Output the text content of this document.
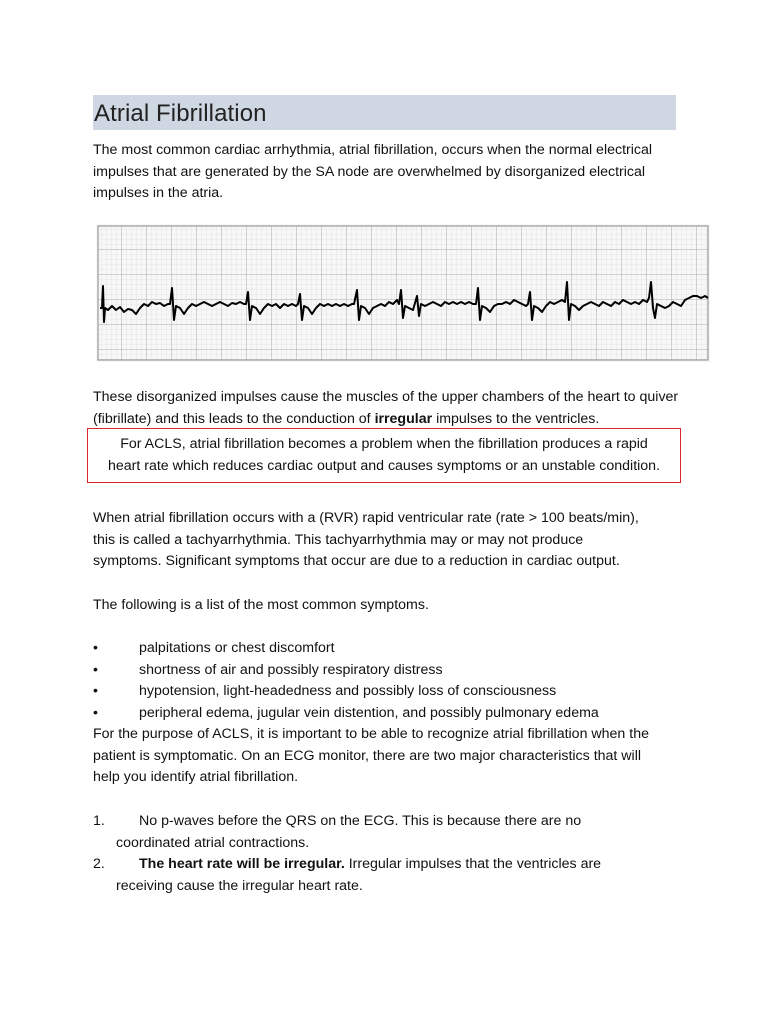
Atrial Fibrillation
The most common cardiac arrhythmia, atrial fibrillation, occurs when the normal electrical impulses that are generated by the SA node are overwhelmed by disorganized electrical impulses in the atria.
These disorganized impulses cause the muscles of the upper chambers of the heart to quiver (fibrillate) and this leads to the conduction of irregular impulses to the ventricles.
For ACLS, atrial fibrillation becomes a problem when the fibrillation produces a rapid
heart rate which reduces cardiac output and causes symptoms or an unstable condition.
When atrial fibrillation occurs with a (RVR) rapid ventricular rate (rate > 100 beats/min),
this is called a tachyarrhythmia. This tachyarrhythmia may or may not produce
symptoms. Significant symptoms that occur are due to a reduction in cardiac output.
The following is a list of the most common symptoms.
•	palpitations or chest discomfort
•	shortness of air and possibly respiratory distress
•	hypotension, light-headedness and possibly loss of consciousness
•	peripheral edema, jugular vein distention, and possibly pulmonary edema
For the purpose of ACLS, it is important to be able to recognize atrial fibrillation when the
patient is symptomatic. On an ECG monitor, there are two major characteristics that will
help you identify atrial fibrillation.
1. No p-waves before the QRS on the ECG. This is because there are no
coordinated atrial contractions.
2. The heart rate will be irregular. Irregular impulses that the ventricles are
receiving cause the irregular heart rate.
